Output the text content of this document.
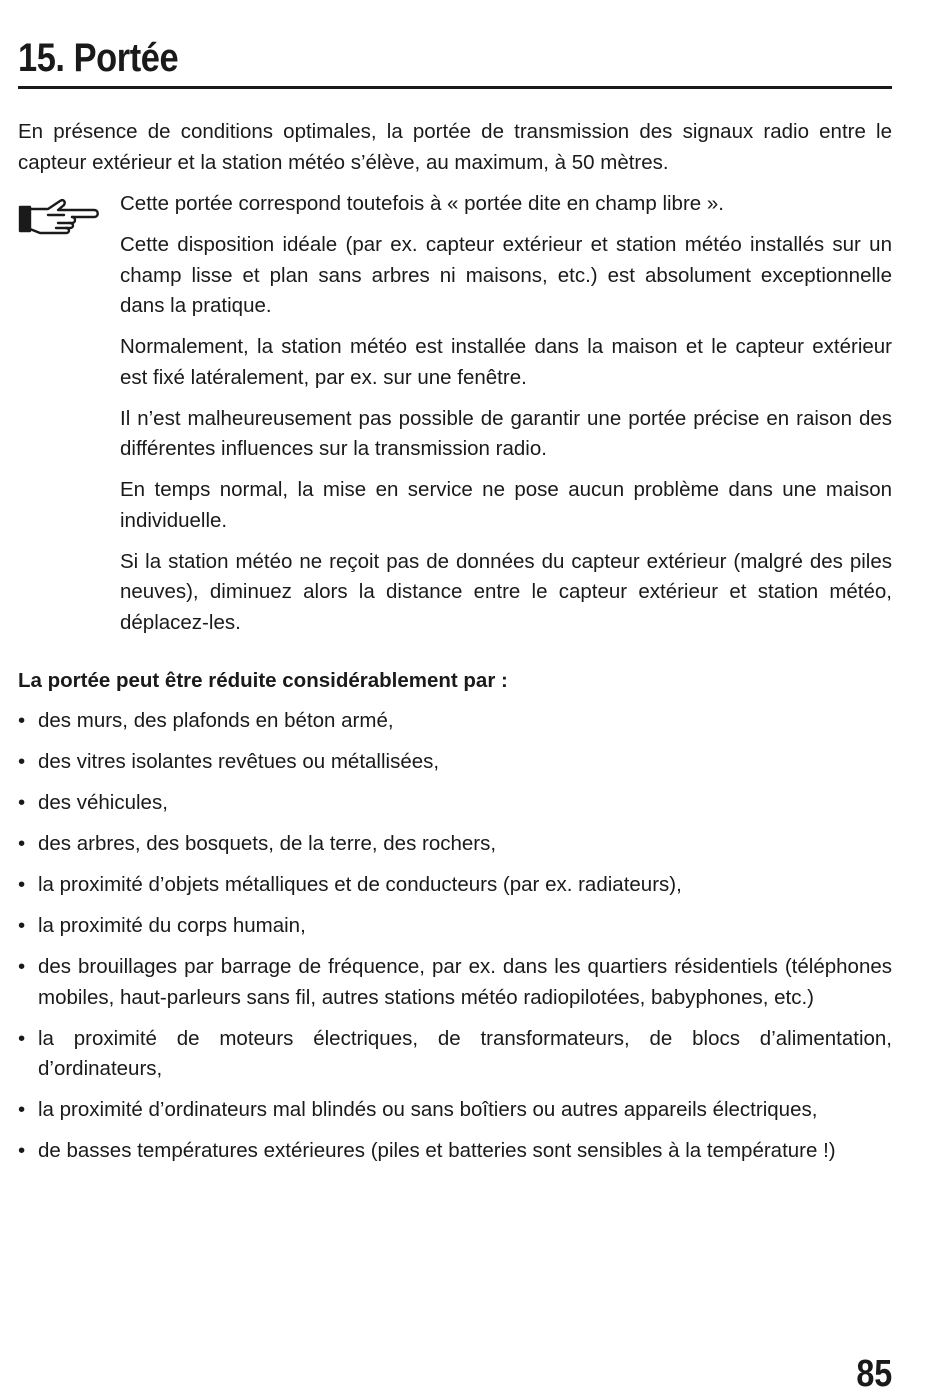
15. Portée

En présence de conditions optimales, la portée de transmission des signaux radio entre le capteur extérieur et la station météo s’élève, au maximum, à 50 mètres.

Cette portée correspond toutefois à « portée dite en champ libre ».

Cette disposition idéale (par ex. capteur extérieur et station météo installés sur un champ lisse et plan sans arbres ni maisons, etc.) est absolument exceptionnelle dans la pratique.

Normalement, la station météo est installée dans la maison et le capteur extérieur est fixé latéralement, par ex. sur une fenêtre.

Il n’est malheureusement pas possible de garantir une portée précise en raison des différentes influences sur la transmission radio.

En temps normal, la mise en service ne pose aucun problème dans une maison individuelle.

Si la station météo ne reçoit pas de données du capteur extérieur (malgré des piles neuves), diminuez alors la distance entre le capteur extérieur et station météo, déplacez-les.

La portée peut être réduite considérablement par :

• des murs, des plafonds en béton armé,
• des vitres isolantes revêtues ou métallisées,
• des véhicules,
• des arbres, des bosquets, de la terre, des rochers,
• la proximité d’objets métalliques et de conducteurs (par ex. radiateurs),
• la proximité du corps humain,
• des brouillages par barrage de fréquence, par ex. dans les quartiers résidentiels (téléphones mobiles, haut-parleurs sans fil, autres stations météo radiopilotées, babyphones, etc.)
• la proximité de moteurs électriques, de transformateurs, de blocs d’alimentation, d’ordinateurs,
• la proximité d’ordinateurs mal blindés ou sans boîtiers ou autres appareils électriques,
• de basses températures extérieures (piles et batteries sont sensibles à la température !)
85
